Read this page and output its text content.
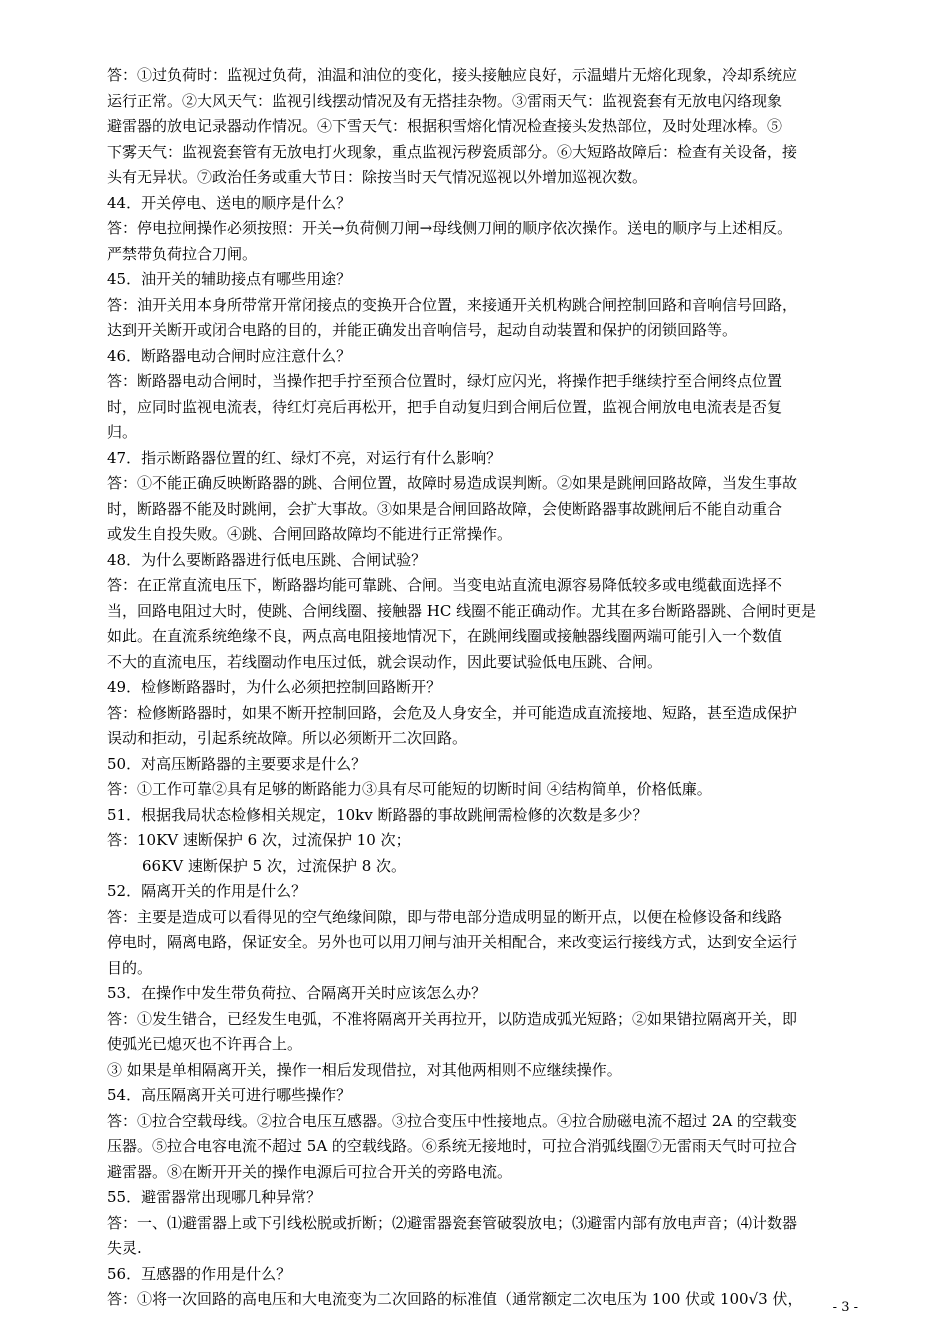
答：①过负荷时：监视过负荷，油温和油位的变化，接头接触应良好，示温蜡片无熔化现象，冷却系统应
运行正常。②大风天气：监视引线摆动情况及有无搭挂杂物。③雷雨天气：监视瓷套有无放电闪络现象
避雷器的放电记录器动作情况。④下雪天气：根据积雪熔化情况检查接头发热部位，及时处理冰棒。⑤
下雾天气：监视瓷套管有无放电打火现象，重点监视污秽瓷质部分。⑥大短路故障后：检查有关设备，接
头有无异状。⑦政治任务或重大节日：除按当时天气情况巡视以外增加巡视次数。
44．开关停电、送电的顺序是什么？
答：停电拉闸操作必须按照：开关→负荷侧刀闸→母线侧刀闸的顺序依次操作。送电的顺序与上述相反。
严禁带负荷拉合刀闸。
45．油开关的辅助接点有哪些用途？
答：油开关用本身所带常开常闭接点的变换开合位置，来接通开关机构跳合闸控制回路和音响信号回路，
达到开关断开或闭合电路的目的，并能正确发出音响信号，起动自动装置和保护的闭锁回路等。
46．断路器电动合闸时应注意什么？
答：断路器电动合闸时，当操作把手拧至预合位置时，绿灯应闪光，将操作把手继续拧至合闸终点位置
时，应同时监视电流表，待红灯亮后再松开，把手自动复归到合闸后位置，监视合闸放电电流表是否复
归。
47．指示断路器位置的红、绿灯不亮，对运行有什么影响？
答：①不能正确反映断路器的跳、合闸位置，故障时易造成误判断。②如果是跳闸回路故障，当发生事故
时，断路器不能及时跳闸，会扩大事故。③如果是合闸回路故障，会使断路器事故跳闸后不能自动重合
或发生自投失败。④跳、合闸回路故障均不能进行正常操作。
48．为什么要断路器进行低电压跳、合闸试验？
答：在正常直流电压下，断路器均能可靠跳、合闸。当变电站直流电源容易降低较多或电缆截面选择不
当，回路电阻过大时，使跳、合闸线圈、接触器 HC 线圈不能正确动作。尤其在多台断路器跳、合闸时更是
如此。在直流系统绝缘不良，两点高电阻接地情况下，在跳闸线圈或接触器线圈两端可能引入一个数值
不大的直流电压，若线圈动作电压过低，就会误动作，因此要试验低电压跳、合闸。
49．检修断路器时，为什么必须把控制回路断开？
答：检修断路器时，如果不断开控制回路，会危及人身安全，并可能造成直流接地、短路，甚至造成保护
误动和拒动，引起系统故障。所以必须断开二次回路。
50．对高压断路器的主要要求是什么？
答：①工作可靠②具有足够的断路能力③具有尽可能短的切断时间 ④结构简单，价格低廉。
51．根据我局状态检修相关规定，10kv 断路器的事故跳闸需检修的次数是多少？
答：10KV 速断保护 6 次，过流保护 10 次；
66KV 速断保护 5 次，过流保护 8 次。
52．隔离开关的作用是什么？
答：主要是造成可以看得见的空气绝缘间隙，即与带电部分造成明显的断开点，以便在检修设备和线路
停电时，隔离电路，保证安全。另外也可以用刀闸与油开关相配合，来改变运行接线方式，达到安全运行
目的。
53．在操作中发生带负荷拉、合隔离开关时应该怎么办？
答：①发生错合，已经发生电弧，不准将隔离开关再拉开，以防造成弧光短路；②如果错拉隔离开关，即
使弧光已熄灭也不许再合上。
③ 如果是单相隔离开关，操作一相后发现借拉，对其他两相则不应继续操作。
54．高压隔离开关可进行哪些操作？
答：①拉合空载母线。②拉合电压互感器。③拉合变压中性接地点。④拉合励磁电流不超过 2A 的空载变
压器。⑤拉合电容电流不超过 5A 的空载线路。⑥系统无接地时，可拉合消弧线圈⑦无雷雨天气时可拉合
避雷器。⑧在断开开关的操作电源后可拉合开关的旁路电流。
55．避雷器常出现哪几种异常？
答：一、⑴避雷器上或下引线松脱或折断；⑵避雷器瓷套管破裂放电；⑶避雷内部有放电声音；⑷计数器
失灵.
56．互感器的作用是什么？
答：①将一次回路的高电压和大电流变为二次回路的标准值（通常额定二次电压为 100 伏或 100√3 伏，	- 3 -
